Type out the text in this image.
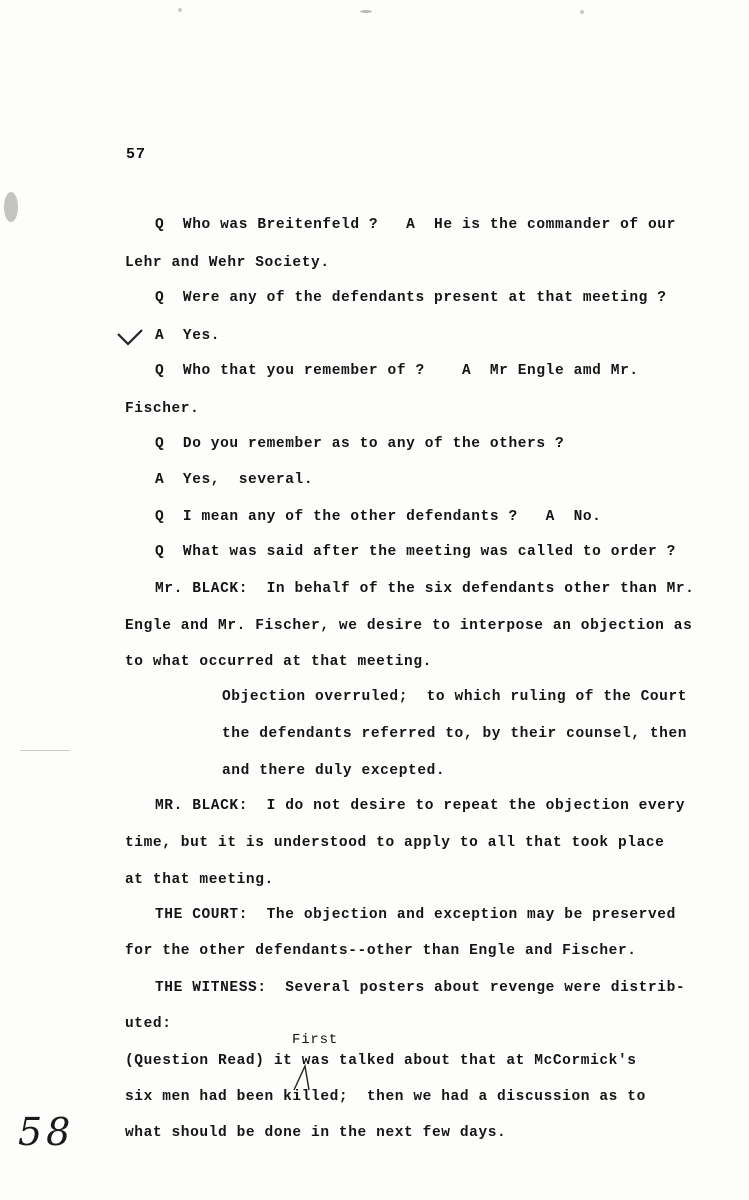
57
Q  Who was Breitenfeld ?   A  He is the commander of our
Lehr and Wehr Society.
Q  Were any of the defendants present at that meeting ?
A  Yes.
Q  Who that you remember of ?    A  Mr Engle amd Mr.
Fischer.
Q  Do you remember as to any of the others ?
A  Yes,  several.
Q  I mean any of the other defendants ?   A  No.
Q  What was said after the meeting was called to order ?
Mr. BLACK:  In behalf of the six defendants other than Mr.
Engle and Mr. Fischer, we desire to interpose an objection as
to what occurred at that meeting.
Objection overruled;  to which ruling of the Court
the defendants referred to, by their counsel, then
and there duly excepted.
MR. BLACK:  I do not desire to repeat the objection every
time, but it is understood to apply to all that took place
at that meeting.
THE COURT:  The objection and exception may be preserved
for the other defendants--other than Engle and Fischer.
THE WITNESS:  Several posters about revenge were distrib-
uted:
(Question Read) it was talked about that at McCormick's
six men had been killed;  then we had a discussion as to
what should be done in the next few days.
First
58
